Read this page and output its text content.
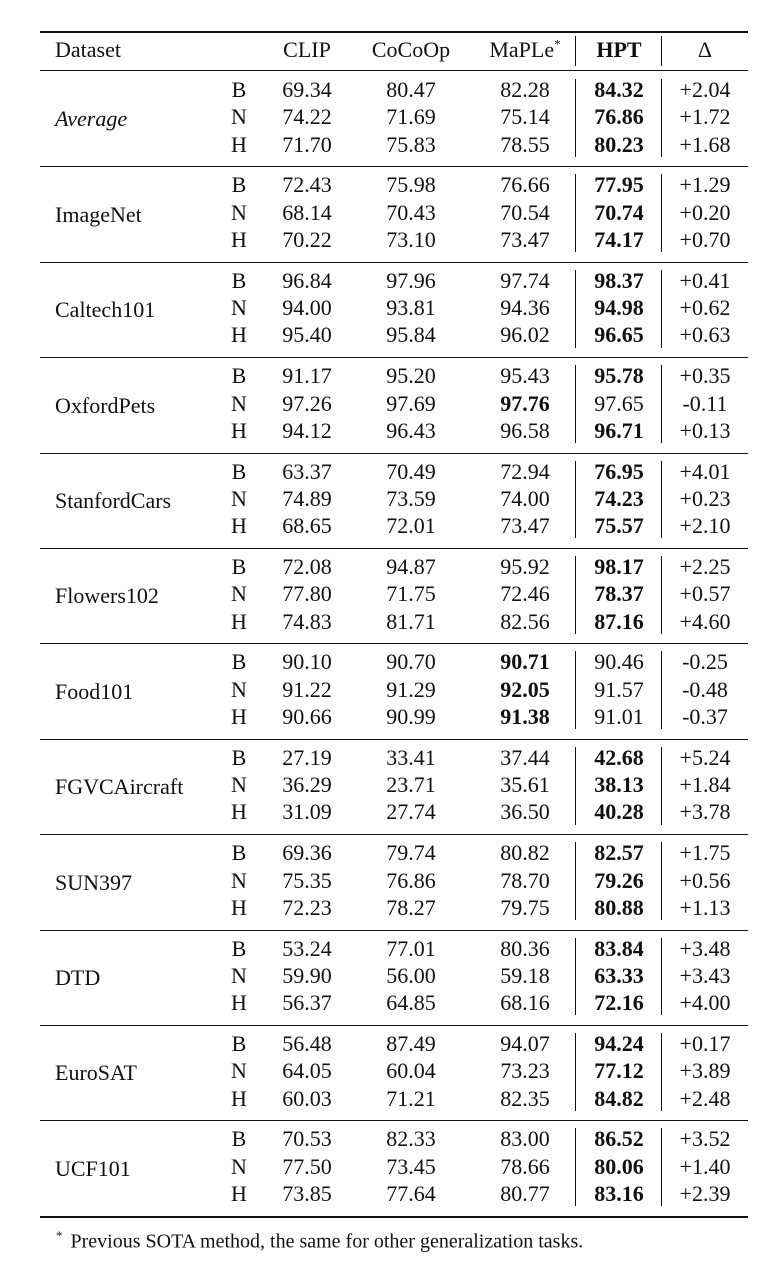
Dataset	CLIP	CoCoOp	MaPLe*	HPT	Δ
Average
B	69.34	80.47	82.28	84.32	+2.04
N	74.22	71.69	75.14	76.86	+1.72
H	71.70	75.83	78.55	80.23	+1.68
ImageNet
B	72.43	75.98	76.66	77.95	+1.29
N	68.14	70.43	70.54	70.74	+0.20
H	70.22	73.10	73.47	74.17	+0.70
Caltech101
B	96.84	97.96	97.74	98.37	+0.41
N	94.00	93.81	94.36	94.98	+0.62
H	95.40	95.84	96.02	96.65	+0.63
OxfordPets
B	91.17	95.20	95.43	95.78	+0.35
N	97.26	97.69	97.76	97.65	-0.11
H	94.12	96.43	96.58	96.71	+0.13
StanfordCars
B	63.37	70.49	72.94	76.95	+4.01
N	74.89	73.59	74.00	74.23	+0.23
H	68.65	72.01	73.47	75.57	+2.10
Flowers102
B	72.08	94.87	95.92	98.17	+2.25
N	77.80	71.75	72.46	78.37	+0.57
H	74.83	81.71	82.56	87.16	+4.60
Food101
B	90.10	90.70	90.71	90.46	-0.25
N	91.22	91.29	92.05	91.57	-0.48
H	90.66	90.99	91.38	91.01	-0.37
FGVCAircraft
B	27.19	33.41	37.44	42.68	+5.24
N	36.29	23.71	35.61	38.13	+1.84
H	31.09	27.74	36.50	40.28	+3.78
SUN397
B	69.36	79.74	80.82	82.57	+1.75
N	75.35	76.86	78.70	79.26	+0.56
H	72.23	78.27	79.75	80.88	+1.13
DTD
B	53.24	77.01	80.36	83.84	+3.48
N	59.90	56.00	59.18	63.33	+3.43
H	56.37	64.85	68.16	72.16	+4.00
EuroSAT
B	56.48	87.49	94.07	94.24	+0.17
N	64.05	60.04	73.23	77.12	+3.89
H	60.03	71.21	82.35	84.82	+2.48
UCF101
B	70.53	82.33	83.00	86.52	+3.52
N	77.50	73.45	78.66	80.06	+1.40
H	73.85	77.64	80.77	83.16	+2.39
* Previous SOTA method, the same for other generalization tasks.
